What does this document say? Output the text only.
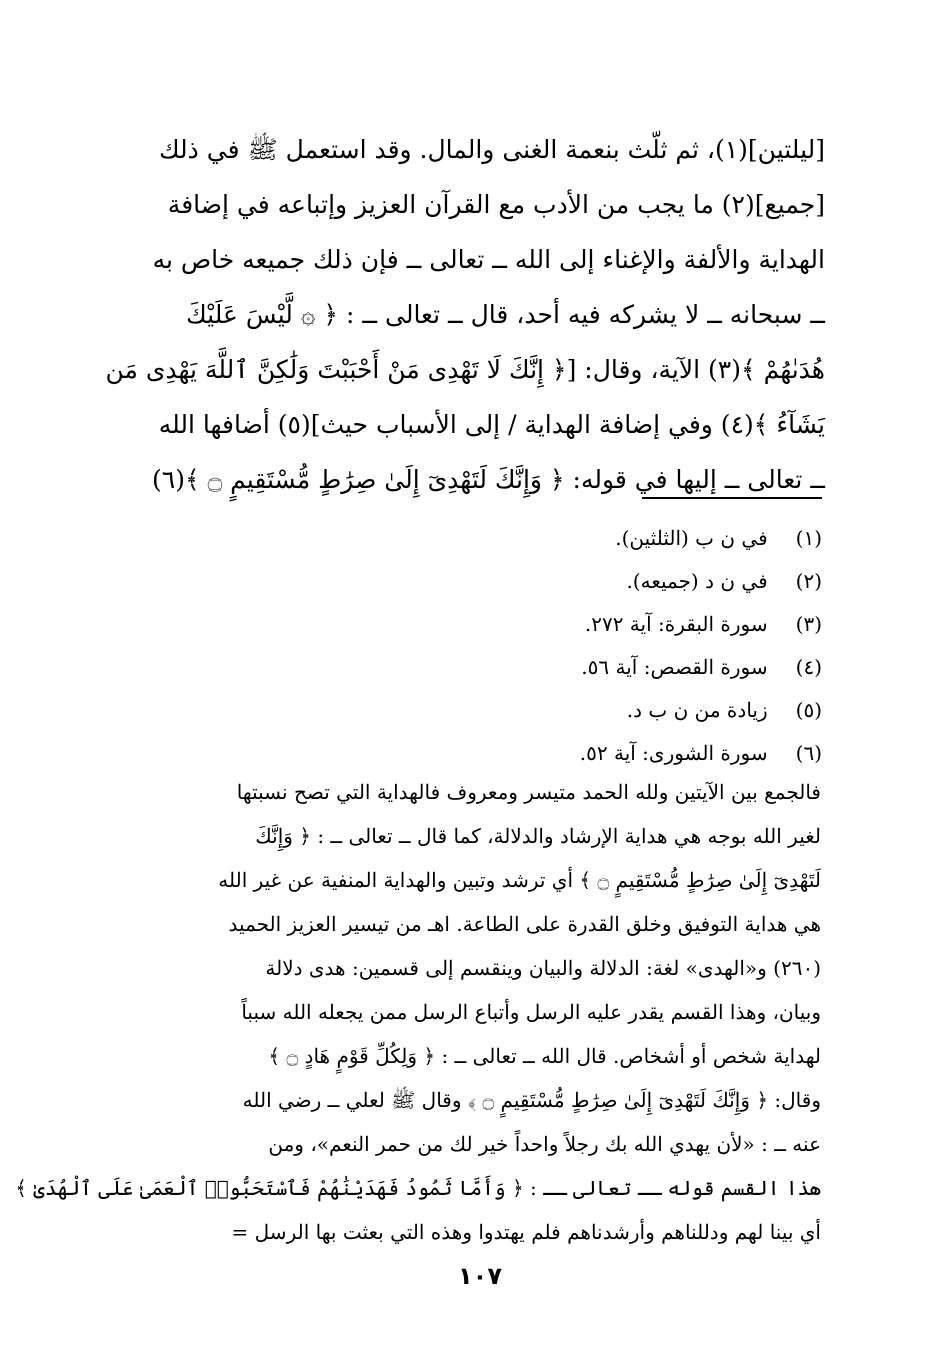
[ليلتين](١)، ثم ثلّث بنعمة الغنى والمال. وقد استعمل ﷺ في ذلك
[جميع](٢) ما يجب من الأدب مع القرآن العزيز وإتباعه في إضافة
الهداية والألفة والإغناء إلى الله ــ تعالى ــ فإن ذلك جميعه خاص به
ــ سبحانه ــ لا يشركه فيه أحد، قال ــ تعالى ــ : ﴿ ۞ لَّيْسَ عَلَيْكَ
هُدَىٰهُمْ ﴾(٣) الآية، وقال: [﴿ إِنَّكَ لَا تَهْدِى مَنْ أَحْبَبْتَ وَلَٰكِنَّ ٱللَّهَ يَهْدِى مَن
يَشَآءُ ﴾(٤) وفي إضافة الهداية / إلى الأسباب حيث](٥) أضافها الله
ــ تعالى ــ إليها في قوله: ﴿ وَإِنَّكَ لَتَهْدِىٓ إِلَىٰ صِرَٰطٍ مُّسْتَقِيمٍ ۝ ﴾(٦)
(١) في ن ب (الثلثين).
(٢) في ن د (جميعه).
(٣) سورة البقرة: آية ٢٧٢.
(٤) سورة القصص: آية ٥٦.
(٥) زيادة من ن ب د.
(٦) سورة الشورى: آية ٥٢.
فالجمع بين الآيتين ولله الحمد متيسر ومعروف فالهداية التي تصح نسبتها
لغير الله بوجه هي هداية الإرشاد والدلالة، كما قال ــ تعالى ــ : ﴿ وَإِنَّكَ
لَتَهْدِىٓ إِلَىٰ صِرَٰطٍ مُّسْتَقِيمٍ ۝ ﴾ أي ترشد وتبين والهداية المنفية عن غير الله
هي هداية التوفيق وخلق القدرة على الطاعة. اهـ من تيسير العزيز الحميد
(٢٦٠) و«الهدى» لغة: الدلالة والبيان وينقسم إلى قسمين: هدى دلالة
وبيان، وهذا القسم يقدر عليه الرسل وأتباع الرسل ممن يجعله الله سبباً
لهداية شخص أو أشخاص. قال الله ــ تعالى ــ : ﴿ وَلِكُلِّ قَوْمٍ هَادٍ ۝ ﴾
وقال: ﴿ وَإِنَّكَ لَتَهْدِىٓ إِلَىٰ صِرَٰطٍ مُّسْتَقِيمٍ ۝ ﴾ وقال ﷺ لعلي ــ رضي الله
عنه ــ : «لأن يهدي الله بك رجلاً واحداً خير لك من حمر النعم»، ومن
هذا القسم قوله ــ تعالى ــ : ﴿ وَأَمَّا ثَمُودُ فَهَدَيْنَٰهُمْ فَٱسْتَحَبُّوا۟ ٱلْعَمَىٰ عَلَى ٱلْهُدَىٰ ﴾
أي بينا لهم ودللناهم وأرشدناهم فلم يهتدوا وهذه التي بعثت بها الرسل =
١٠٧
